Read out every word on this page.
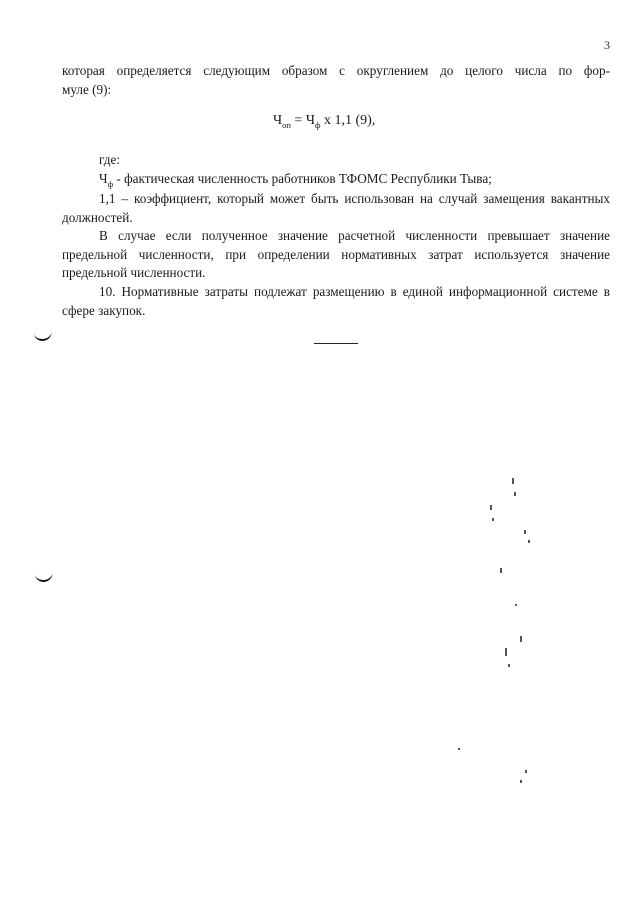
3

которая определяется следующим образом с округлением до целого числа по фор-

муле (9):

$Ч_{оп} = Ч_ф$ x 1,1 (9),
где:
$Ч_ф$ - фактическая численность работников ТФОМС Республики Тыва;

1,1 – коэффициент, который может быть использован на случай замещения вакантных должностей.

В случае если полученное значение расчетной численности превышает значение предельной численности, при определении нормативных затрат используется значение предельной численности.

10. Нормативные затраты подлежат размещению в единой информационной системе в сфере закупок.
